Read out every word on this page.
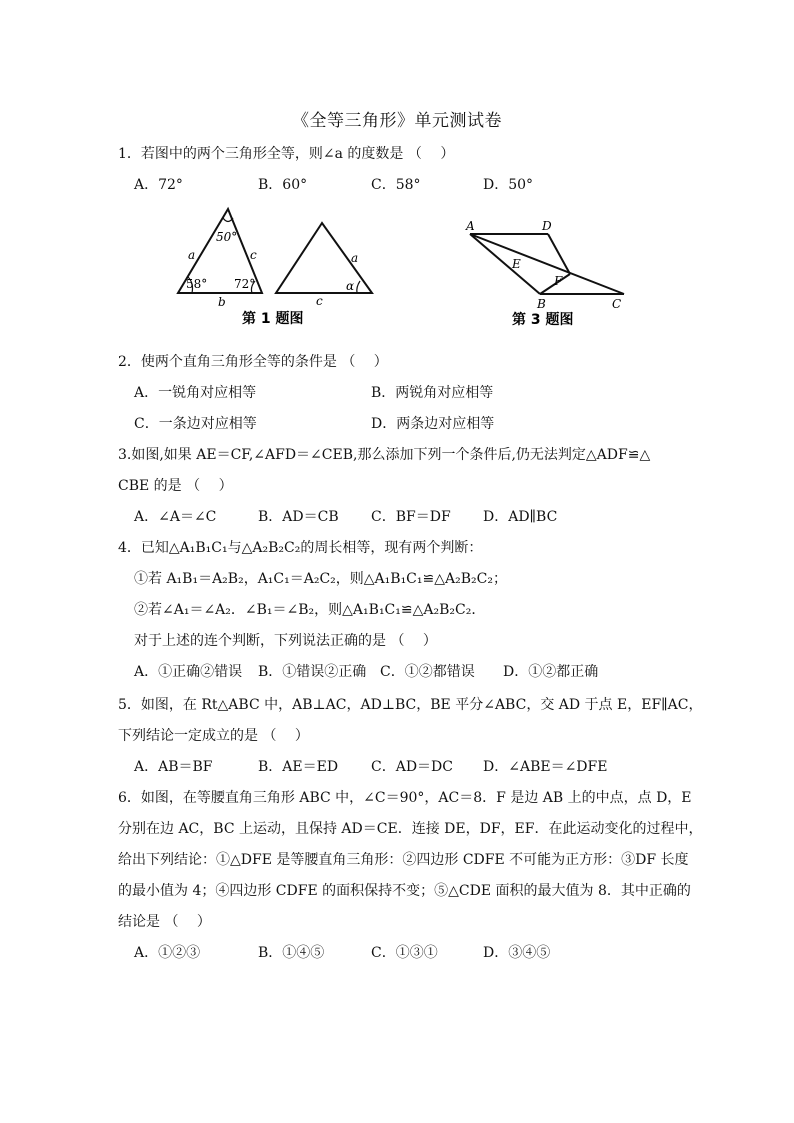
《全等三角形》单元测试卷
1．若图中的两个三角形全等，则∠a 的度数是 （　 ）
A．72°	B．60°	C．58°	D．50°
50°
a	c
58° 72°
b
a
c
α
第 1 题图
A	D
E
F
B	C
第 3 题图
2．使两个直角三角形全等的条件是 （　 ）
A．一锐角对应相等	B．两锐角对应相等
C．一条边对应相等	D．两条边对应相等
3.如图,如果 AE＝CF,∠AFD＝∠CEB,那么添加下列一个条件后,仍无法判定△ADF≌△
CBE 的是 （　 ）
A．∠A＝∠C	B．AD＝CB C．BF＝DF D．AD∥BC
4．已知△A₁B₁C₁与△A₂B₂C₂的周长相等，现有两个判断：
①若 A₁B₁＝A₂B₂，A₁C₁＝A₂C₂，则△A₁B₁C₁≌△A₂B₂C₂；
②若∠A₁＝∠A₂．∠B₁＝∠B₂，则△A₁B₁C₁≌△A₂B₂C₂．
对于上述的连个判断，下列说法正确的是 （　 ）
A．①正确②错误 B．①错误②正确 C．①②都错误 D．①②都正确
5．如图，在 Rt△ABC 中，AB⊥AC，AD⊥BC，BE 平分∠ABC，交 AD 于点 E，EF∥AC，
下列结论一定成立的是 （　 ）
A．AB＝BF	B．AE＝ED C．AD＝DC D．∠ABE＝∠DFE
6．如图，在等腰直角三角形 ABC 中，∠C＝90°，AC＝8．F 是边 AB 上的中点，点 D，E
分别在边 AC，BC 上运动，且保持 AD＝CE．连接 DE，DF，EF．在此运动变化的过程中，
给出下列结论：①△DFE 是等腰直角三角形：②四边形 CDFE 不可能为正方形：③DF 长度
的最小值为 4；④四边形 CDFE 的面积保持不变；⑤△CDE 面积的最大值为 8．其中正确的
结论是 （　 ）
A．①②③	B．①④⑤	C．①③①	D．③④⑤
